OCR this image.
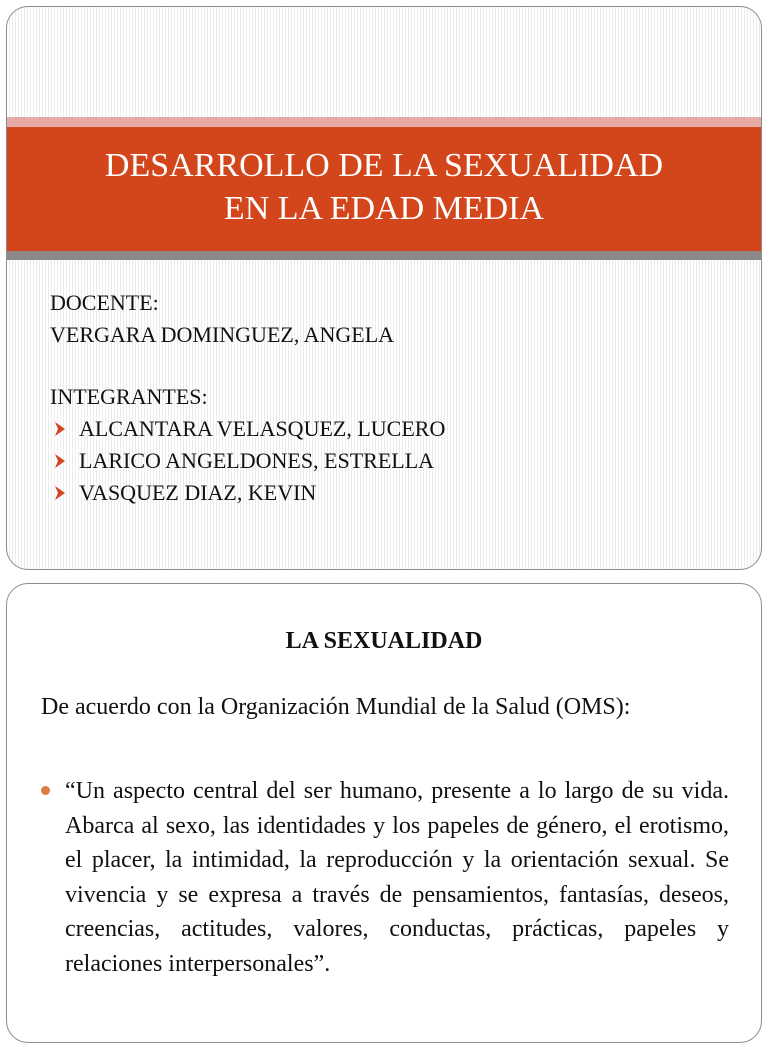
DESARROLLO DE LA SEXUALIDAD
EN LA EDAD MEDIA
DOCENTE:
VERGARA DOMINGUEZ, ANGELA
INTEGRANTES:
ALCANTARA VELASQUEZ, LUCERO
LARICO ANGELDONES, ESTRELLA
VASQUEZ DIAZ, KEVIN
LA SEXUALIDAD
De acuerdo con la Organización Mundial de la Salud (OMS):
“Un aspecto central del ser humano, presente a lo largo de su vida. Abarca al sexo, las identidades y los papeles de género, el erotismo, el placer, la intimidad, la reproducción y la orientación sexual. Se vivencia y se expresa a través de pensamientos, fantasías, deseos, creencias, actitudes, valores, conductas, prácticas, papeles y relaciones interpersonales”.
